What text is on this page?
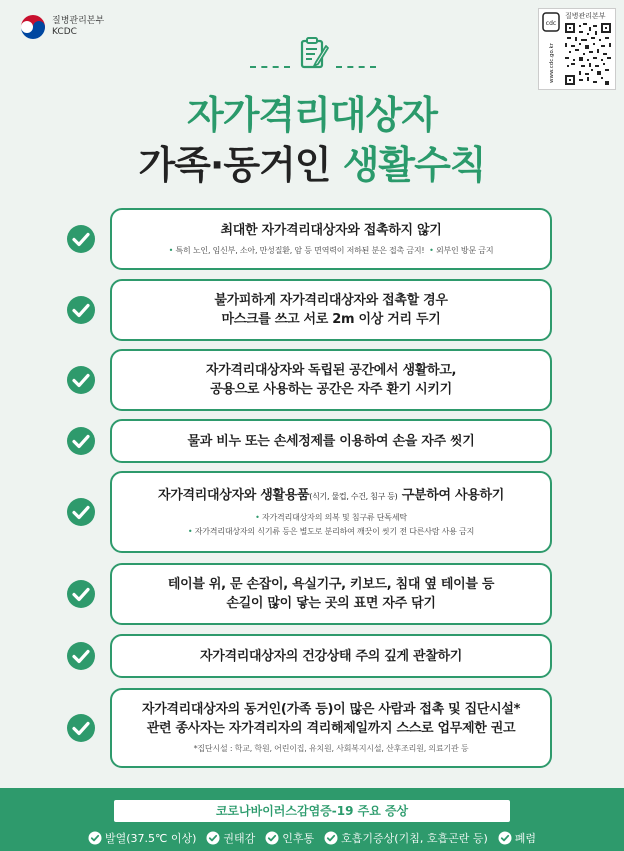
질병관리본부
KCDC
cdc
www.cdc.go.kr
질병관리본부
자가격리대상자
가족·동거인 생활수칙
최대한 자가격리대상자와 접촉하지 않기
• 특히 노인, 임신부, 소아, 만성질환, 암 등 면역력이 저하된 분은 접촉 금지! • 외부인 방문 금지
불가피하게 자가격리대상자와 접촉할 경우
마스크를 쓰고 서로 2m 이상 거리 두기
자가격리대상자와 독립된 공간에서 생활하고,
공용으로 사용하는 공간은 자주 환기 시키기
물과 비누 또는 손세정제를 이용하여 손을 자주 씻기
자가격리대상자와 생활용품(식기, 물컵, 수건, 침구 등) 구분하여 사용하기
• 자가격리대상자의 의복 및 침구류 단독세탁
• 자가격리대상자의 식기류 등은 별도로 분리하여 깨끗이 씻기 전 다른사람 사용 금지
테이블 위, 문 손잡이, 욕실기구, 키보드, 침대 옆 테이블 등
손길이 많이 닿는 곳의 표면 자주 닦기
자가격리대상자의 건강상태 주의 깊게 관찰하기
자가격리대상자의 동거인(가족 등)이 많은 사람과 접촉 및 집단시설*
관련 종사자는 자가격리자의 격리해제일까지 스스로 업무제한 권고
*집단시설 : 학교, 학원, 어린이집, 유치원, 사회복지시설, 산후조리원, 의료기관 등
코로나바이러스감염증-19 주요 증상
발열(37.5℃ 이상) 권태감 인후통 호흡기증상(기침, 호흡곤란 등) 폐렴
